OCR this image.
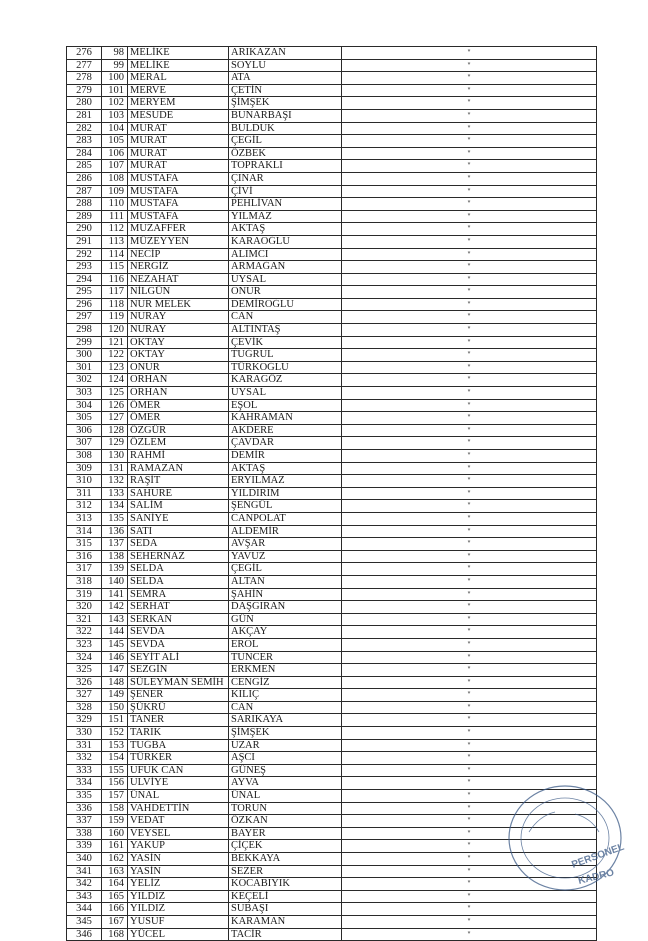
276	98	MELİKE	ARIKAZAN	"
277	99	MELİKE	SOYLU	"
278	100	MERAL	ATA	"
279	101	MERVE	ÇETİN	"
280	102	MERYEM	ŞİMŞEK	"
281	103	MESUDE	BUNARBAŞI	"
282	104	MURAT	BULDUK	"
283	105	MURAT	ÇEĞİL	"
284	106	MURAT	ÖZBEK	"
285	107	MURAT	TOPRAKLI	"
286	108	MUSTAFA	ÇINAR	"
287	109	MUSTAFA	ÇİVİ	"
288	110	MUSTAFA	PEHLİVAN	"
289	111	MUSTAFA	YILMAZ	"
290	112	MUZAFFER	AKTAŞ	"
291	113	MÜZEYYEN	KARAOĞLU	"
292	114	NECİP	ALIMCI	"
293	115	NERGİZ	ARMAĞAN	"
294	116	NEZAHAT	UYSAL	"
295	117	NİLGÜN	ONUR	"
296	118	NUR MELEK	DEMİROĞLU	"
297	119	NURAY	CAN	"
298	120	NURAY	ALTINTAŞ	"
299	121	OKTAY	ÇEVİK	"
300	122	OKTAY	TUĞRUL	"
301	123	ONUR	TÜRKOĞLU	"
302	124	ORHAN	KARAGÖZ	"
303	125	ORHAN	UYSAL	"
304	126	ÖMER	EŞOL	"
305	127	ÖMER	KAHRAMAN	"
306	128	ÖZGÜR	AKDERE	"
307	129	ÖZLEM	ÇAVDAR	"
308	130	RAHMİ	DEMİR	"
309	131	RAMAZAN	AKTAŞ	"
310	132	RAŞİT	ERYILMAZ	"
311	133	SAHURE	YILDIRIM	"
312	134	SALİM	ŞENGÜL	"
313	135	SANİYE	CANPOLAT	"
314	136	SATI	ALDEMİR	"
315	137	SEDA	AVŞAR	"
316	138	SEHERNAZ	YAVUZ	"
317	139	SELDA	ÇEĞİL	"
318	140	SELDA	ALTAN	"
319	141	SEMRA	ŞAHİN	"
320	142	SERHAT	DAŞGIRAN	"
321	143	SERKAN	GÜN	"
322	144	SEVDA	AKÇAY	"
323	145	SEVDA	EROL	"
324	146	SEYİT ALİ	TUNCER	"
325	147	SEZGİN	ERKMEN	"
326	148	SÜLEYMAN SEMİH	CENGİZ	"
327	149	ŞENER	KILIÇ	"
328	150	ŞÜKRÜ	CAN	"
329	151	TANER	SARIKAYA	"
330	152	TARIK	ŞİMŞEK	"
331	153	TUĞBA	UZAR	"
332	154	TÜRKER	AŞCI	"
333	155	UFUK CAN	GÜNEŞ	"
334	156	ULVİYE	AYVA	"
335	157	ÜNAL	ÜNAL	"
336	158	VAHDETTİN	TORUN	"
337	159	VEDAT	ÖZKAN	"
338	160	VEYSEL	BAYER	"
339	161	YAKUP	ÇİÇEK	"
340	162	YASİN	BEKKAYA	"
341	163	YASİN	SEZER	"
342	164	YELİZ	KOCABIYIK	"
343	165	YILDIZ	KEÇELİ	"
344	166	YILDIZ	SUBAŞI	"
345	167	YUSUF	KARAMAN	"
346	168	YÜCEL	TACİR	"
PERSONEL
KADRO
